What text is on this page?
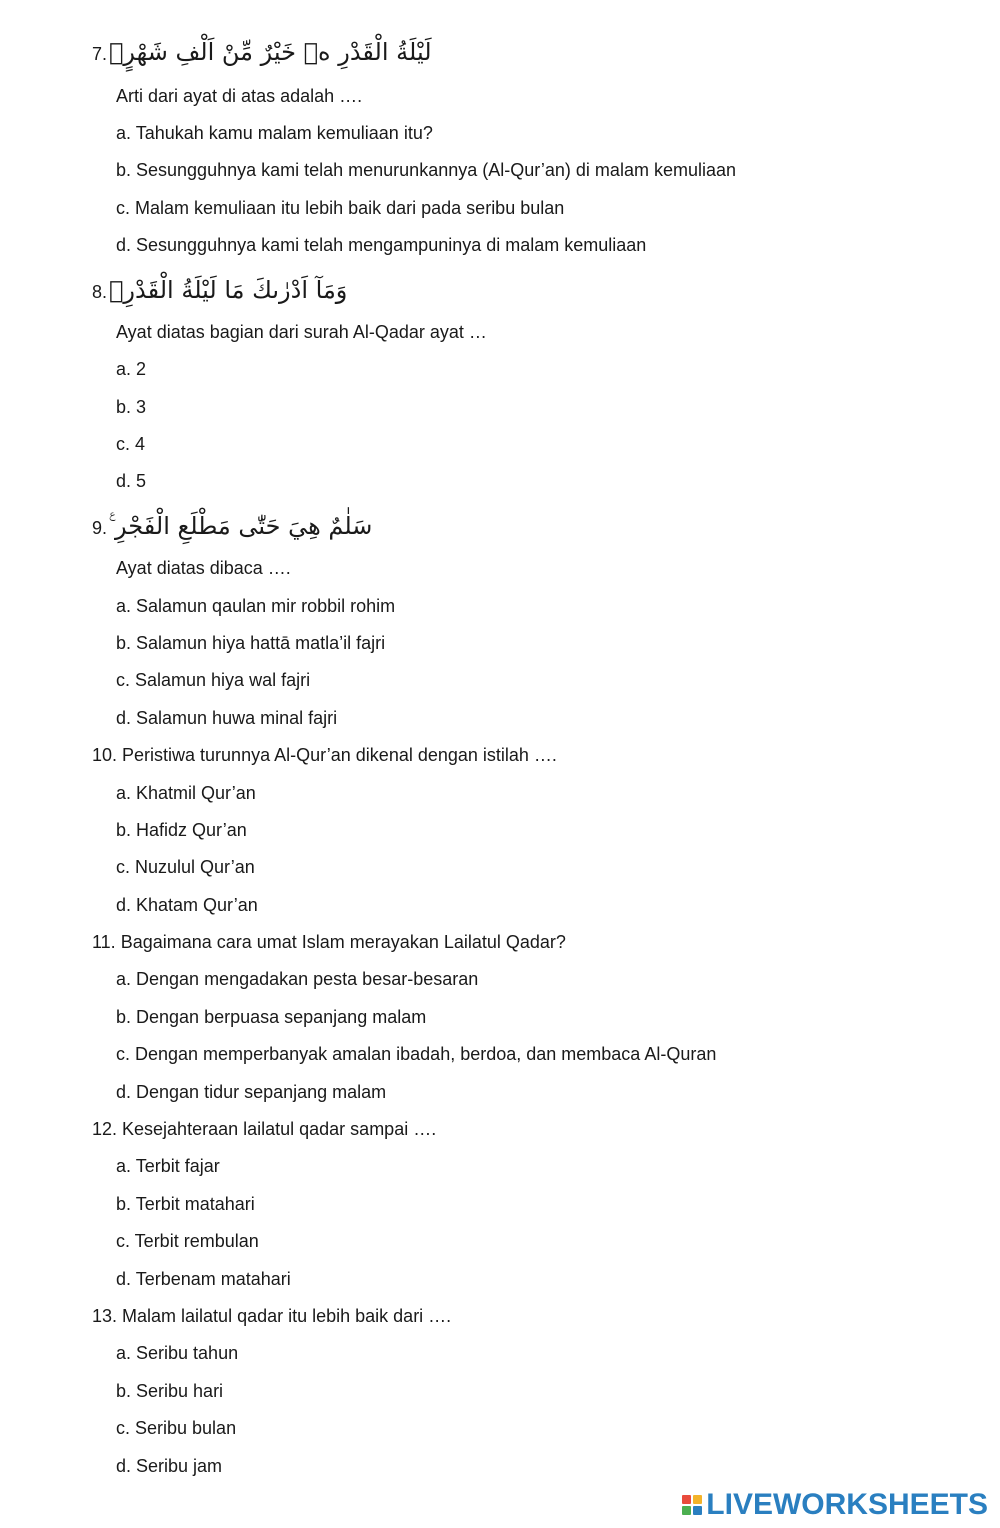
7. لَيْلَةُ الْقَدْرِ ەۙ خَيْرٌ مِّنْ اَلْفِ شَهْرٍۗ
Arti dari ayat di atas adalah ….
a. Tahukah kamu malam kemuliaan itu?
b. Sesungguhnya kami telah menurunkannya (Al-Qur’an) di malam kemuliaan
c. Malam kemuliaan itu lebih baik dari pada seribu bulan
d. Sesungguhnya kami telah mengampuninya di malam kemuliaan
8. وَمَآ اَدْرٰىكَ مَا لَيْلَةُ الْقَدْرِۗ
Ayat diatas bagian dari surah Al-Qadar ayat …
a. 2
b. 3
c. 4
d. 5
9. سَلٰمٌ هِيَ حَتّٰى مَطْلَعِ الْفَجْرِ ࣖ
Ayat diatas dibaca ….
a. Salamun qaulan mir robbil rohim
b. Salamun hiya hattā matla’il fajri
c. Salamun hiya wal fajri
d. Salamun huwa minal fajri
10. Peristiwa turunnya Al-Qur’an dikenal dengan istilah ….
a. Khatmil Qur’an
b. Hafidz Qur’an
c. Nuzulul Qur’an
d. Khatam Qur’an
11. Bagaimana cara umat Islam merayakan Lailatul Qadar?
a. Dengan mengadakan pesta besar-besaran
b. Dengan berpuasa sepanjang malam
c. Dengan memperbanyak amalan ibadah, berdoa, dan membaca Al-Quran
d. Dengan tidur sepanjang malam
12. Kesejahteraan lailatul qadar sampai ….
a. Terbit fajar
b. Terbit matahari
c. Terbit rembulan
d. Terbenam matahari
13. Malam lailatul qadar itu lebih baik dari ….
a. Seribu tahun
b. Seribu hari
c. Seribu bulan
d. Seribu jam
LIVEWORKSHEETS
